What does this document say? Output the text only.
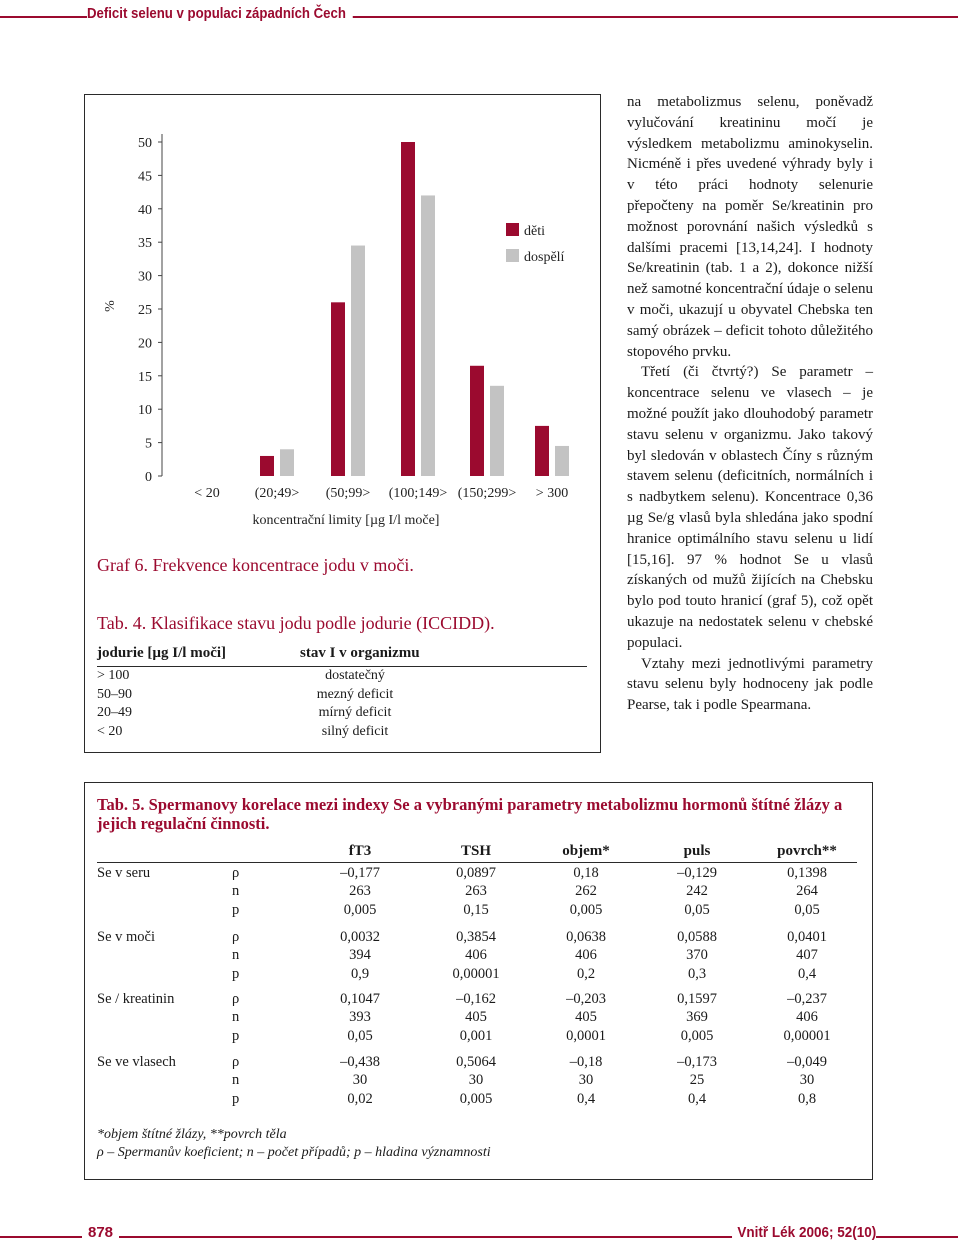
Deficit selenu v populaci západních Čech
0
5
10
15
20
25
30
35
40
45
50
%
< 20	(20;49> (50;99> (100;149> (150;299> > 300
koncentrační limity [µg I/l moče]
děti
dospělí
Graf 6. Frekvence koncentrace jodu v moči.
Tab. 4. Klasifikace stavu jodu podle jodurie (ICCIDD).
jodurie [µg I/l moči]	stav I v organizmu
> 100	dostatečný
50–90	mezný deficit
20–49	mírný deficit
< 20	silný deficit

na metabolizmus selenu, poněvadž vylučování kreatininu močí je výsledkem metabolizmu aminokyselin. Nicméně i přes uvedené výhrady byly i v této práci hodnoty selenurie přepočteny na poměr Se/kreatinin pro možnost porovnání našich výsledků s dalšími pracemi [13,14,24]. I hodnoty Se/kreatinin (tab. 1 a 2), dokonce nižší než samotné koncentrační údaje o selenu v moči, ukazují u obyvatel Chebska ten samý obrázek – deficit tohoto důležitého stopového prvku.

Třetí (či čtvrtý?) Se parametr – koncentrace selenu ve vlasech – je možné použít jako dlouhodobý parametr stavu selenu v organizmu. Jako takový byl sledován v oblastech Číny s různým stavem selenu (deficitních, normálních i s nadbytkem selenu). Koncentrace 0,36 µg Se/g vlasů byla shledána jako spodní hranice optimálního stavu selenu u lidí [15,16]. 97 % hodnot Se u vlasů získaných od mužů žijících na Chebsku bylo pod touto hranicí (graf 5), což opět ukazuje na nedostatek selenu v chebské populaci.

Vztahy mezi jednotlivými parametry stavu selenu byly hodnoceny jak podle Pearse, tak i podle Spearmana.

Tab. 5. Spermanovy korelace mezi indexy Se a vybranými parametry metabolizmu hormonů štítné žlázy a jejich regulační činnosti.
fT3	TSH	objem*	puls	povrch**
Se v seru	ρ	–0,177	0,0897	0,18	–0,129	0,1398
n	263	263	262	242	264
p	0,005	0,15	0,005	0,05	0,05
Se v moči	ρ	0,0032	0,3854	0,0638	0,0588	0,0401
n	394	406	406	370	407
p	0,9	0,00001	0,2	0,3	0,4
Se / kreatinin	ρ	0,1047	–0,162	–0,203	0,1597	–0,237
n	393	405	405	369	406
p	0,05	0,001	0,0001	0,005	0,00001
Se ve vlasech	ρ	–0,438	0,5064	–0,18	–0,173	–0,049
n	30	30	30	25	30
p	0,02	0,005	0,4	0,4	0,8
*objem štítné žlázy, **povrch těla
ρ – Spermanův koeficient; n – počet případů; p – hladina významnosti
878	Vnitř Lék 2006; 52(10)
